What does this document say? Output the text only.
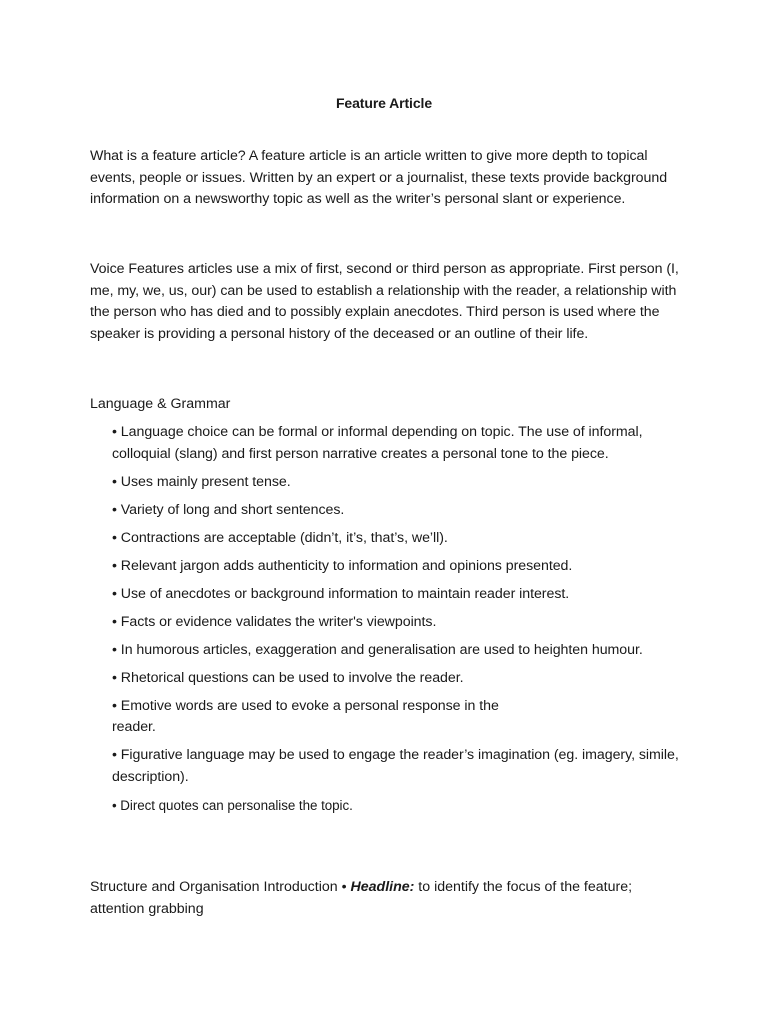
Feature Article
What is a feature article? A feature article is an article written to give more depth to topical events, people or issues. Written by an expert or a journalist, these texts provide background information on a newsworthy topic as well as the writer’s personal slant or experience.
Voice Features articles use a mix of first, second or third person as appropriate. First person (I, me, my, we, us, our) can be used to establish a relationship with the reader, a relationship with the person who has died and to possibly explain anecdotes. Third person is used where the speaker is providing a personal history of the deceased or an outline of their life.
Language & Grammar
• Language choice can be formal or informal depending on topic. The use of informal, colloquial (slang) and first person narrative creates a personal tone to the piece.
• Uses mainly present tense.
• Variety of long and short sentences.
• Contractions are acceptable (didn’t, it’s, that’s, we’ll).
• Relevant jargon adds authenticity to information and opinions presented.
• Use of anecdotes or background information to maintain reader interest.
• Facts or evidence validates the writer's viewpoints.
• In humorous articles, exaggeration and generalisation are used to heighten humour.
• Rhetorical questions can be used to involve the reader.
• Emotive words are used to evoke a personal response in the
reader.
• Figurative language may be used to engage the reader’s imagination (eg. imagery, simile, description).
• Direct quotes can personalise the topic.
Structure and Organisation Introduction • Headline: to identify the focus of the feature; attention grabbing
